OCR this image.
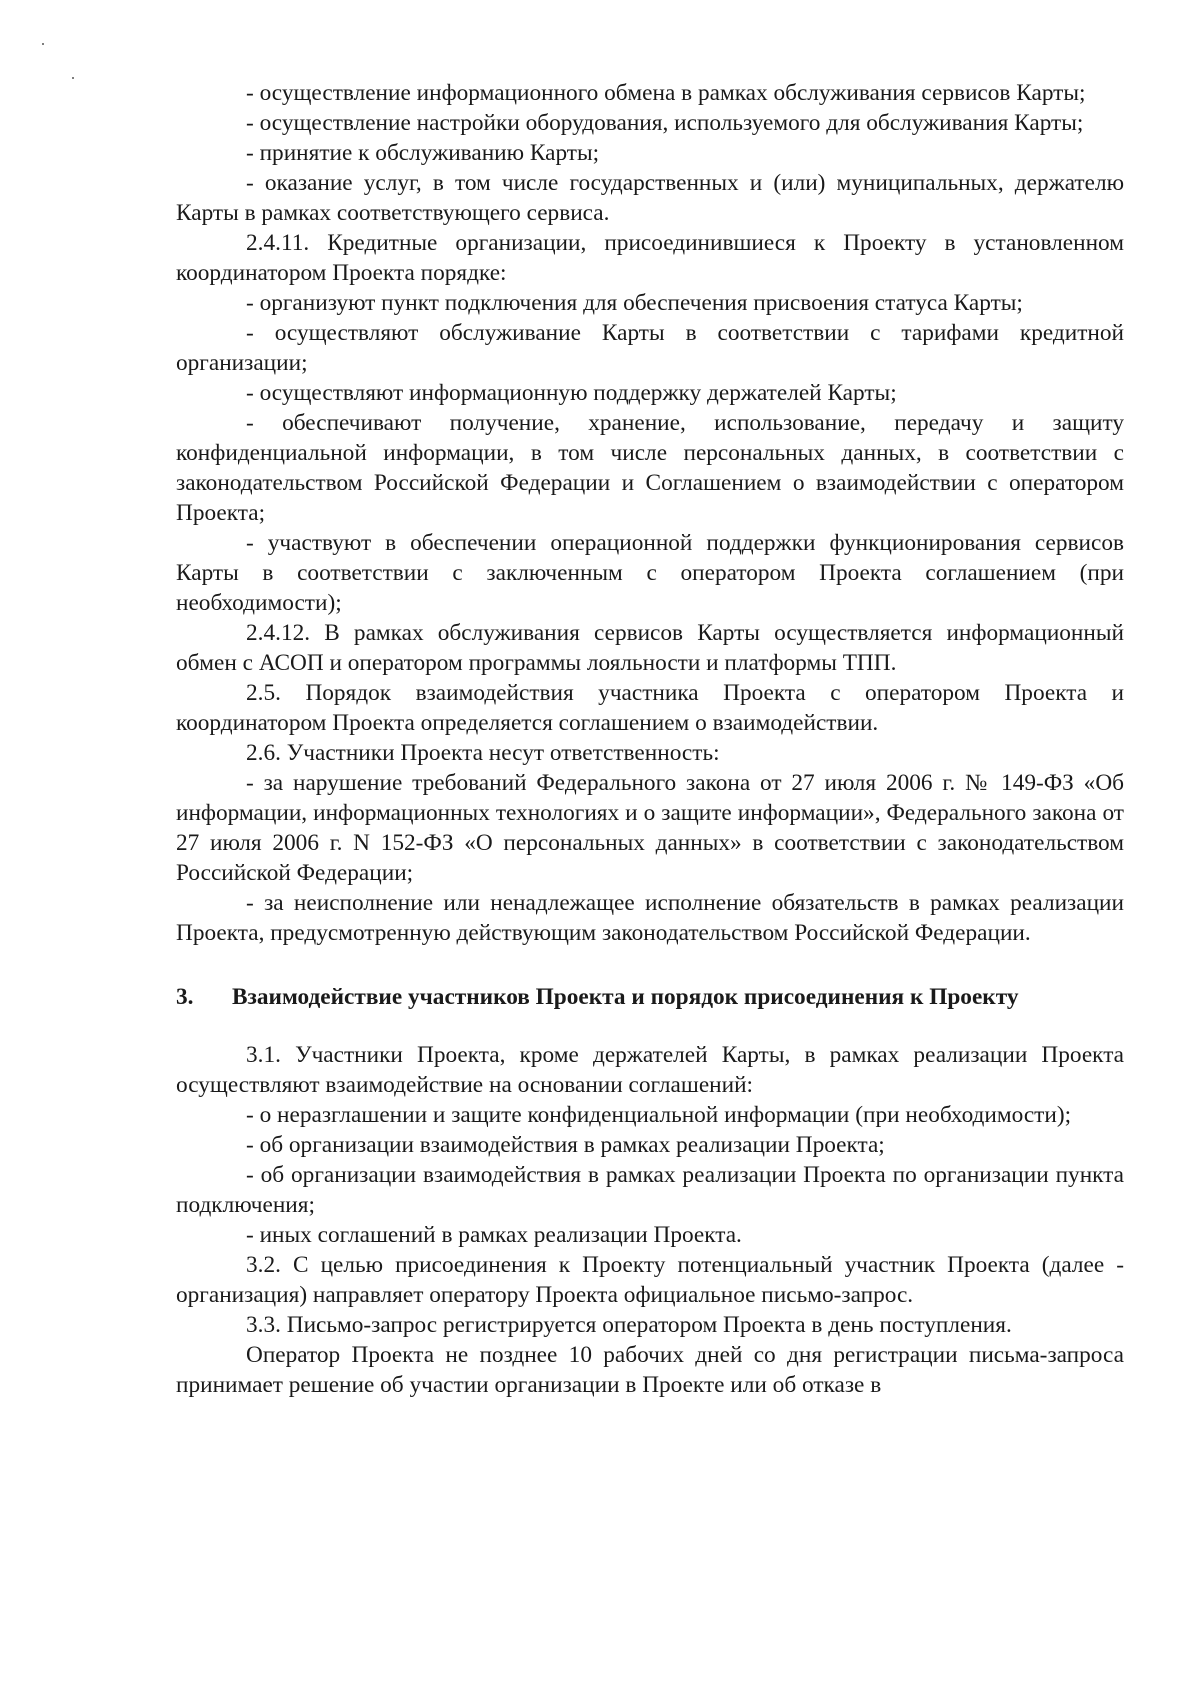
- осуществление информационного обмена в рамках обслуживания сервисов Карты;

- осуществление настройки оборудования, используемого для обслуживания Карты;

- принятие к обслуживанию Карты;

- оказание услуг, в том числе государственных и (или) муниципальных, держателю Карты в рамках соответствующего сервиса.

2.4.11. Кредитные организации, присоединившиеся к Проекту в установленном координатором Проекта порядке:

- организуют пункт подключения для обеспечения присвоения статуса Карты;

- осуществляют обслуживание Карты в соответствии с тарифами кредитной организации;

- осуществляют информационную поддержку держателей Карты;

- обеспечивают получение, хранение, использование, передачу и защиту конфиденциальной информации, в том числе персональных данных, в соответствии с законодательством Российской Федерации и Соглашением о взаимодействии с оператором Проекта;

- участвуют в обеспечении операционной поддержки функционирования сервисов Карты в соответствии с заключенным с оператором Проекта соглашением (при необходимости);

2.4.12. В рамках обслуживания сервисов Карты осуществляется информационный обмен с АСОП и оператором программы лояльности и платформы ТПП.

2.5. Порядок взаимодействия участника Проекта с оператором Проекта и координатором Проекта определяется соглашением о взаимодействии.

2.6. Участники Проекта несут ответственность:

- за нарушение требований Федерального закона от 27 июля 2006 г. № 149-ФЗ «Об информации, информационных технологиях и о защите информации», Федерального закона от 27 июля 2006 г. N 152-ФЗ «О персональных данных» в соответствии с законодательством Российской Федерации;

- за неисполнение или ненадлежащее исполнение обязательств в рамках реализации Проекта, предусмотренную действующим законодательством Российской Федерации.

3.	Взаимодействие участников Проекта и порядок присоединения к Проекту

3.1. Участники Проекта, кроме держателей Карты, в рамках реализации Проекта осуществляют взаимодействие на основании соглашений:

- о неразглашении и защите конфиденциальной информации (при необходимости);

- об организации взаимодействия в рамках реализации Проекта;

- об организации взаимодействия в рамках реализации Проекта по организации пункта подключения;

- иных соглашений в рамках реализации Проекта.

3.2. С целью присоединения к Проекту потенциальный участник Проекта (далее - организация) направляет оператору Проекта официальное письмо-запрос.

3.3. Письмо-запрос регистрируется оператором Проекта в день поступления.

Оператор Проекта не позднее 10 рабочих дней со дня регистрации письма-запроса принимает решение об участии организации в Проекте или об отказе в
